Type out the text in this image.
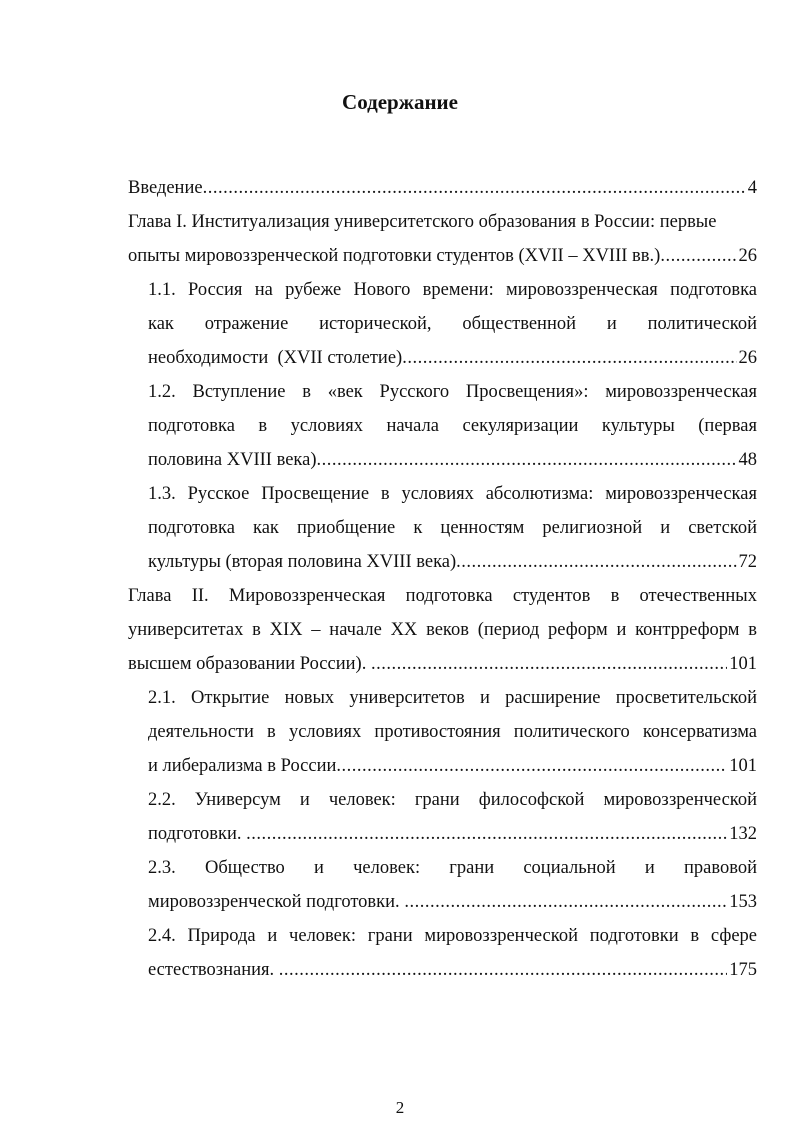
Содержание
Введение .....	4
Глава I. Инститyализация университетского образования в России: первые
опыты мировоззренческой подготовки студентов (XVII – XVIII вв.) .....	26
1.1. Россия на рубеже Нового времени: мировоззренческая подготовка
как отражение исторической, общественной и политической
необходимости  (XVII столетие) .....	26
1.2. Вступление в «век Русского Просвещения»: мировоззренческая
подготовка в условиях начала секуляризации культуры (первая
половина XVIII века) .....	48
1.3. Русское Просвещение в условиях абсолютизма: мировоззренческая
подготовка как приобщение к ценностям религиозной и светской
культуры (вторая половина XVIII века) .....	72
Глава II. Мировоззренческая подготовка студентов в отечественных
университетах в XIX – начале XX веков (период реформ и контрреформ в
высшем образовании России). .....	101
2.1. Открытие новых университетов и расширение просветительской
деятельности в условиях противостояния политического консерватизма
и либерализма в России .....	101
2.2. Универсум и человек: грани философской мировоззренческой
подготовки. .....	132
2.3. Общество и человек: грани социальной и правовой
мировоззренческой подготовки. .....	153
2.4. Природа и человек: грани мировоззренческой подготовки в сфере
естествознания. .....	175
2
